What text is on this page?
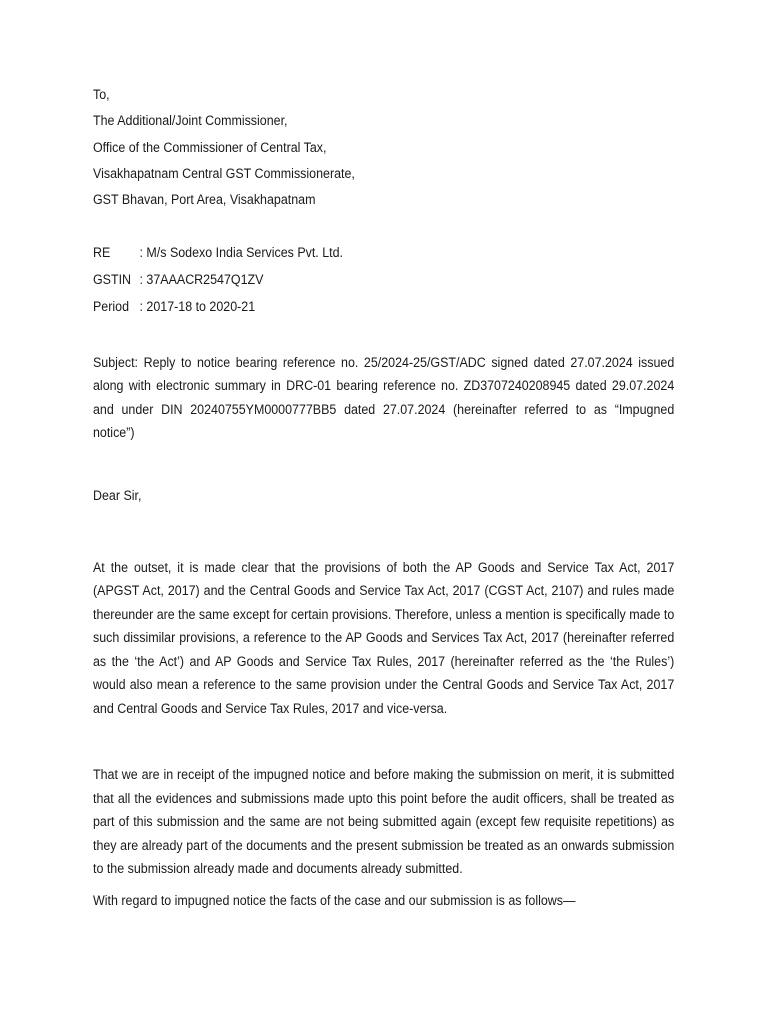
To,
The Additional/Joint Commissioner,
Office of the Commissioner of Central Tax,
Visakhapatnam Central GST Commissionerate,
GST Bhavan, Port Area, Visakhapatnam
RE	: M/s Sodexo India Services Pvt. Ltd.
GSTIN : 37AAACR2547Q1ZV
Period : 2017-18 to 2020-21

Subject: Reply to notice bearing reference no. 25/2024-25/GST/ADC signed dated 27.07.2024 issued along with electronic summary in DRC-01 bearing reference no. ZD3707240208945 dated 29.07.2024 and under DIN 20240755YM0000777BB5 dated 27.07.2024 (hereinafter referred to as “Impugned notice”)

Dear Sir,

At the outset, it is made clear that the provisions of both the AP Goods and Service Tax Act, 2017 (APGST Act, 2017) and the Central Goods and Service Tax Act, 2017 (CGST Act, 2107) and rules made thereunder are the same except for certain provisions. Therefore, unless a mention is specifically made to such dissimilar provisions, a reference to the AP Goods and Services Tax Act, 2017 (hereinafter referred as the ‘the Act’) and AP Goods and Service Tax Rules, 2017 (hereinafter referred as the ‘the Rules’) would also mean a reference to the same provision under the Central Goods and Service Tax Act, 2017 and Central Goods and Service Tax Rules, 2017 and vice-versa.

That we are in receipt of the impugned notice and before making the submission on merit, it is submitted that all the evidences and submissions made upto this point before the audit officers, shall be treated as part of this submission and the same are not being submitted again (except few requisite repetitions) as they are already part of the documents and the present submission be treated as an onwards submission to the submission already made and documents already submitted.

With regard to impugned notice the facts of the case and our submission is as follows—
